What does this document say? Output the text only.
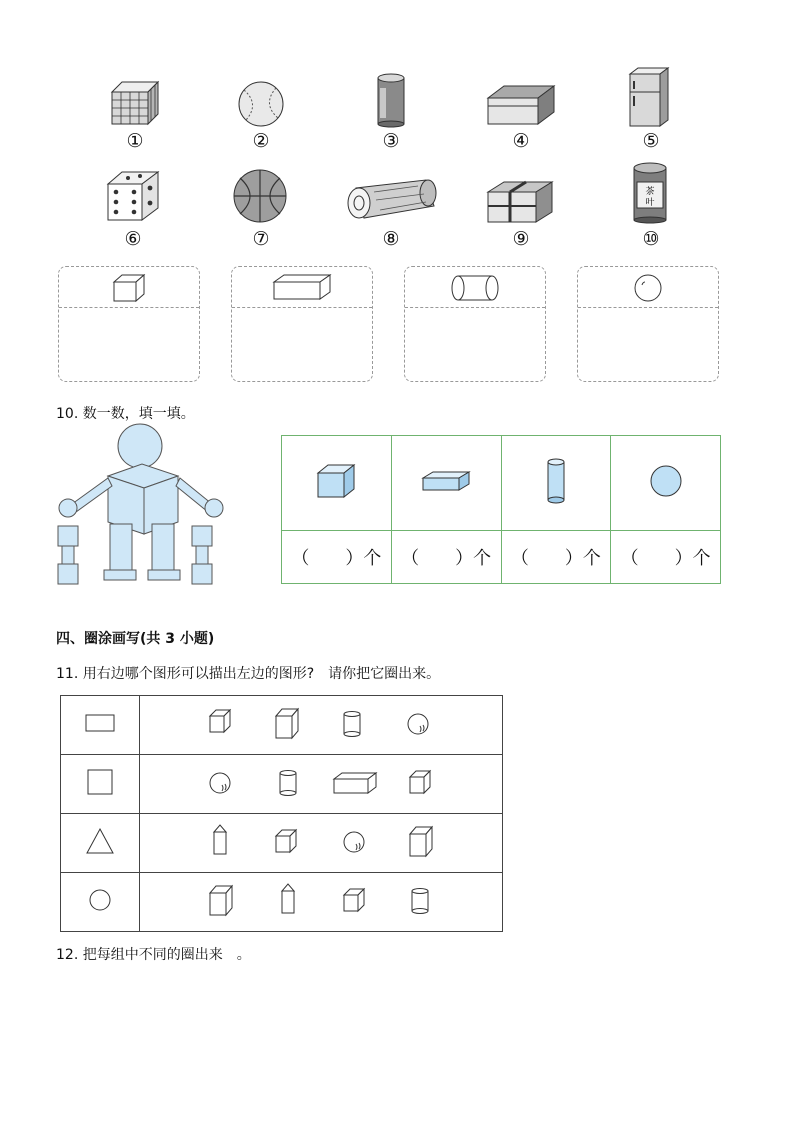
①	②	③	④	⑤
⑥	⑦	⑧	⑨
茶
叶
⑩
10. 数一数，填一填。

（　　）个	（　　）个	（　　）个	（　　）个
四、圈涂画写(共 3 小题)
11. 用右边哪个图形可以描出左边的图形?　请你把它圈出来。

12. 把每组中不同的圈出来　。
